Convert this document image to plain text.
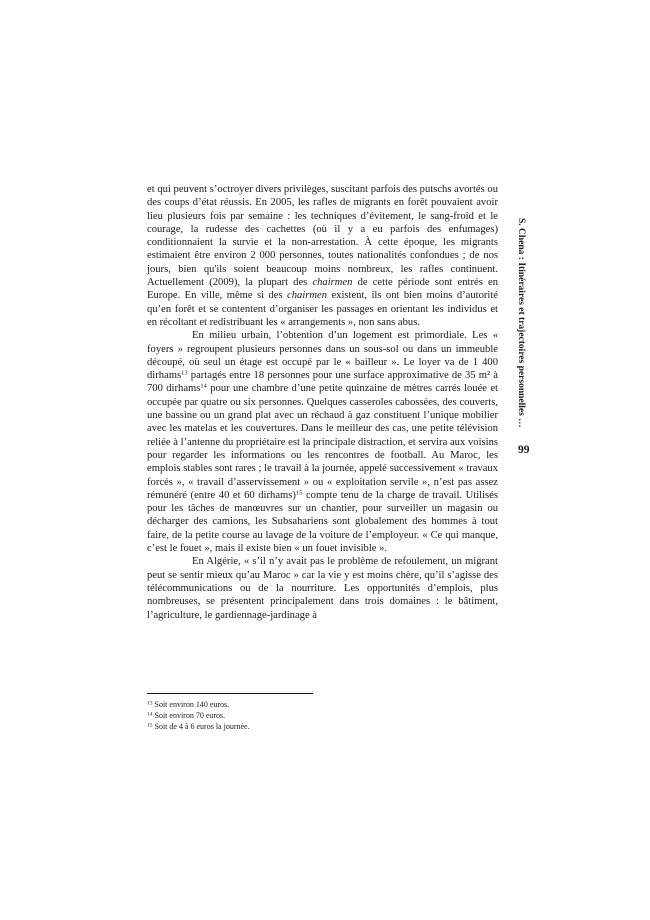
S. Chena : Itinéraires et trajectoires personnelles …
99

et qui peuvent s’octroyer divers privilèges, suscitant parfois des putschs avortés ou des coups d’état réussis. En 2005, les rafles de migrants en forêt pouvaient avoir lieu plusieurs fois par semaine : les techniques d’évitement, le sang-froid et le courage, la rudesse des cachettes (où il y a eu parfois des enfumages) conditionnaient la survie et la non-arrestation. À cette époque, les migrants estimaient être environ 2 000 personnes, toutes nationalités confondues ; de nos jours, bien qu'ils soient beaucoup moins nombreux, les rafles continuent. Actuellement (2009), la plupart des chairmen de cette période sont entrés en Europe. En ville, même si des chairmen existent, ils ont bien moins d’autorité qu’en forêt et se contentent d’organiser les passages en orientant les individus et en récoltant et redistribuant les « arrangements », non sans abus.

En milieu urbain, l’obtention d’un logement est primordiale. Les « foyers » regroupent plusieurs personnes dans un sous-sol ou dans un immeuble découpé, où seul un étage est occupé par le « bailleur ». Le loyer va de 1 400 dirhams$^{13}$ partagés entre 18 personnes pour une surface approximative de 35 m² à 700 dirhams$^{14}$ pour une chambre d’une petite quinzaine de mètres carrés louée et occupée par quatre ou six personnes. Quelques casseroles cabossées, des couverts, une bassine ou un grand plat avec un réchaud à gaz constituent l’unique mobilier avec les matelas et les couvertures. Dans le meilleur des cas, une petite télévision reliée à l’antenne du propriétaire est la principale distraction, et servira aux voisins pour regarder les informations ou les rencontres de football. Au Maroc, les emplois stables sont rares ; le travail à la journée, appelé successivement « travaux forcés », « travail d’asservissement » ou « exploitation servile », n’est pas assez rémunéré (entre 40 et 60 dirhams)$^{15}$ compte tenu de la charge de travail. Utilisés pour les tâches de manœuvres sur un chantier, pour surveiller un magasin ou décharger des camions, les Subsahariens sont globalement des hommes à tout faire, de la petite course au lavage de la voiture de l’employeur. « Ce qui manque, c’est le fouet », mais il existe bien « un fouet invisible ».

En Algérie, « s’il n’y avait pas le problème de refoulement, un migrant peut se sentir mieux qu’au Maroc » car la vie y est moins chère, qu’il s’agisse des télécommunications ou de la nourriture. Les opportunités d’emplois, plus nombreuses, se présentent principalement dans trois domaines : le bâtiment, l’agriculture, le gardiennage-jardinage à

$^{13}$ Soit environ 140 euros.
$^{14}$ Soit environ 70 euros.
$^{15}$ Soit de 4 à 6 euros la journée.
